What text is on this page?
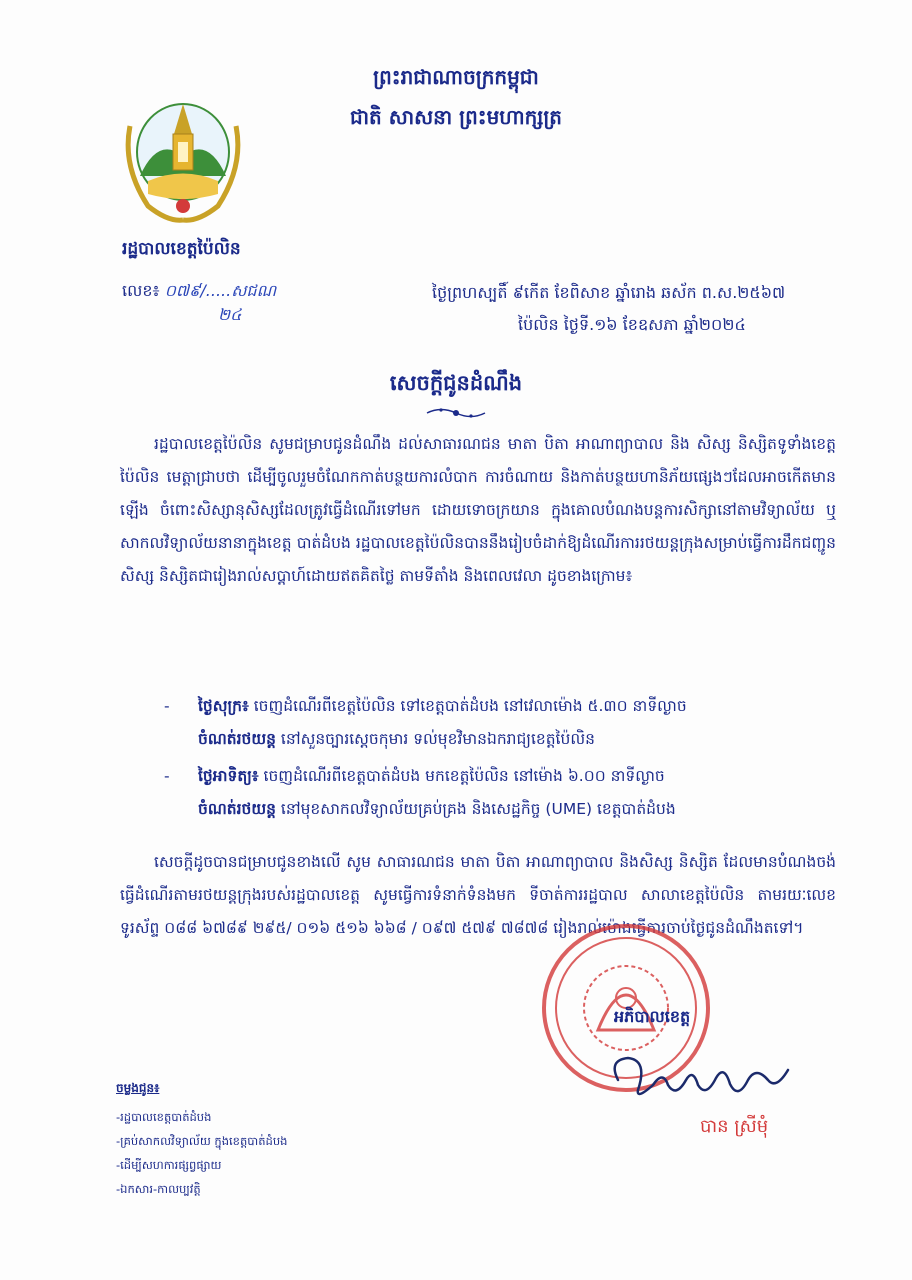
ព្រះរាជាណាចក្រកម្ពុជា
ជាតិ សាសនា ព្រះមហាក្សត្រ
រដ្ឋបាលខេត្តប៉ៃលិន
លេខ៖ ០៧៩/.....សជណ
២៤
ថ្ងៃព្រហស្បតិ៍ ៩កើត ខែពិសាខ ឆ្នាំរោង ឆស័ក ព.ស.២៥៦៧
ប៉ៃលិន ថ្ងៃទី.១៦ ខែឧសភា ឆ្នាំ២០២៤
សេចក្តីជូនដំណឹង
រដ្ឋបាលខេត្តប៉ៃលិន សូមជម្រាបជូនដំណឹង ដល់សាធារណជន មាតា បិតា អាណាព្យាបាល និង សិស្ស និស្សិតទូទាំងខេត្តប៉ៃលិន មេត្តាជ្រាបថា ដើម្បីចូលរួមចំណែកកាត់បន្ថយការលំបាក ការចំណាយ និងកាត់បន្ថយហានិភ័យផ្សេងៗដែលអាចកើតមានឡើង ចំពោះសិស្សានុសិស្សដែលត្រូវធ្វើដំណើរទៅមក ដោយទោចក្រយាន ក្នុងគោលបំណងបន្តការសិក្សានៅតាមវិទ្យាល័យ ឬសាកលវិទ្យាល័យនានាក្នុងខេត្ត បាត់ដំបង រដ្ឋបាលខេត្តប៉ៃលិនបាននឹងរៀបចំដាក់ឱ្យដំណើរការរថយន្តក្រុងសម្រាប់ធ្វើការដឹកជញ្ជូនសិស្ស និស្សិតជារៀងរាល់សប្តាហ៍ដោយឥតគិតថ្លៃ តាមទីតាំង និងពេលវេលា ដូចខាងក្រោម៖
- ថ្ងៃសុក្រ៖ ចេញដំណើរពីខេត្តប៉ៃលិន ទៅខេត្តបាត់ដំបង នៅវេលាម៉ោង ៥.៣០ នាទីល្ងាច
ចំណត់រថយន្ត នៅសួនច្បារស្ដេចកុមារ ទល់មុខវិមានឯករាជ្យខេត្តប៉ៃលិន
- ថ្ងៃអាទិត្យ៖ ចេញដំណើរពីខេត្តបាត់ដំបង មកខេត្តប៉ៃលិន នៅម៉ោង ៦.០០ នាទីល្ងាច
ចំណត់រថយន្ត នៅមុខសាកលវិទ្យាល័យគ្រប់គ្រង និងសេដ្ឋកិច្ច (UME) ខេត្តបាត់ដំបង
សេចក្តីដូចបានជម្រាបជូនខាងលើ សូម សាធារណជន មាតា បិតា អាណាព្យាបាល និងសិស្ស និស្សិត ដែលមានបំណងចង់ធ្វើដំណើរតាមរថយន្តក្រុងរបស់រដ្ឋបាលខេត្ត សូមធ្វើការទំនាក់ទំនងមក ទីចាត់ការរដ្ឋបាល សាលាខេត្តប៉ៃលិន តាមរយៈលេខទូរស័ព្ទ ០៨៨ ៦៧៨៩ ២៩៥/ ០១៦ ៥១៦ ៦៦៨ / ០៩៧ ៥៧៩ ៧៨៧៨ រៀងរាល់ម៉ោងធ្វើការចាប់ថ្ងៃជូនដំណឹងតទៅ។
អភិបាលខេត្ត
បាន ស្រីមុំ
ចម្លងជូន៖
-រដ្ឋបាលខេត្តបាត់ដំបង
-គ្រប់សាកលវិទ្យាល័យ ក្នុងខេត្តបាត់ដំបង
-ដើម្បីសហការផ្សព្វផ្សាយ
-ឯកសារ-កាលប្បវត្តិ
